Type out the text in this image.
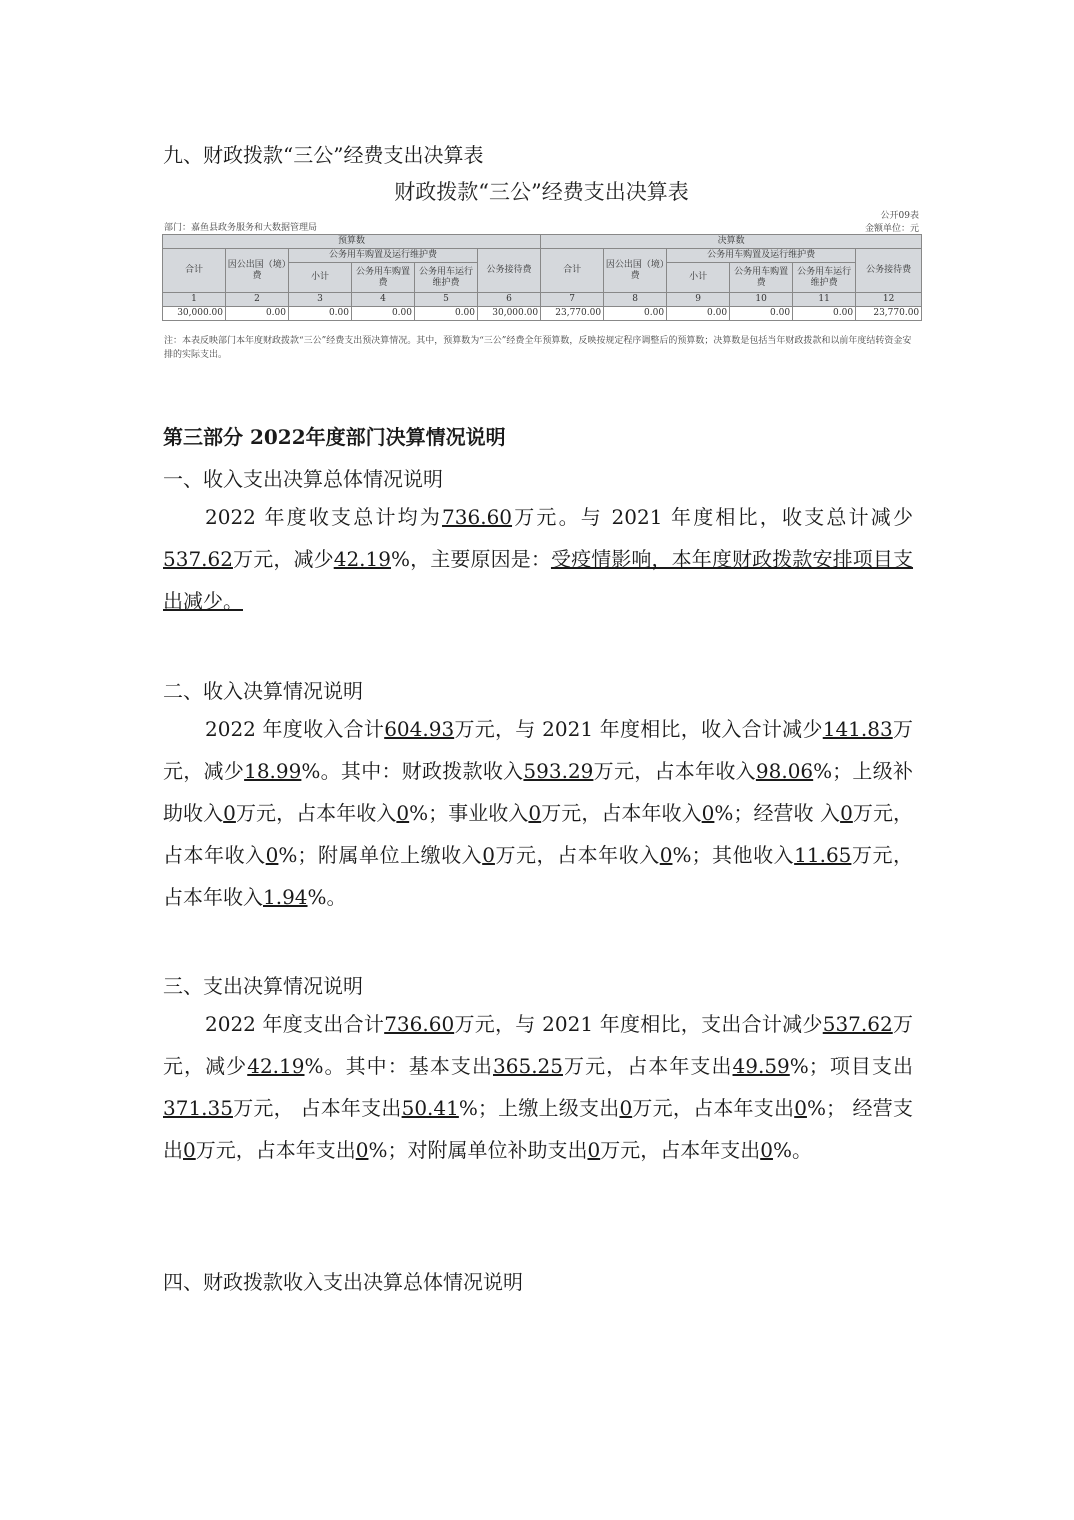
九、财政拨款“三公”经费支出决算表
财政拨款“三公”经费支出决算表
部门：嘉鱼县政务服务和大数据管理局
公开09表
金额单位：元
预算数						决算数					
合计	因公出国（境）费	公务用车购置及运行维护费			公务接待费	合计	因公出国（境）费	公务用车购置及运行维护费			公务接待费
		小计	公务用车购置费	公务用车运行维护费				小计	公务用车购置费	公务用车运行维护费	
1	2	3	4	5	6	7	8	9	10	11	12
30,000.00	0.00	0.00	0.00	0.00	30,000.00	23,770.00	0.00	0.00	0.00	0.00	23,770.00
注：本表反映部门本年度财政拨款“三公”经费支出预决算情况。其中，预算数为“三公”经费全年预算数，反映按规定程序调整后的预算数；决算数是包括当年财政拨款和以前年度结转资金安排的实际支出。
第三部分 2022年度部门决算情况说明
一、收入支出决算总体情况说明
2022 年度收支总计均为736.60万元。与 2021 年度相比，收支总计减少537.62万元，减少42.19%，主要原因是：受疫情影响，本年度财政拨款安排项目支出减少。
二、收入决算情况说明
2022 年度收入合计604.93万元，与 2021 年度相比，收入合计减少141.83万元，减少18.99%。其中：财政拨款收入593.29万元，占本年收入98.06%；上级补助收入0万元，占本年收入0%；事业收入0万元，占本年收入0%；经营收 入0万元，占本年收入0%；附属单位上缴收入0万元，占本年收入0%；其他收入11.65万元，占本年收入1.94%。
三、支出决算情况说明
2022 年度支出合计736.60万元，与 2021 年度相比，支出合计减少537.62万元，减少42.19%。其中：基本支出365.25万元，占本年支出49.59%；项目支出371.35万元， 占本年支出50.41%；上缴上级支出0万元，占本年支出0%； 经营支出0万元，占本年支出0%；对附属单位补助支出0万元，占本年支出0%。
四、财政拨款收入支出决算总体情况说明
